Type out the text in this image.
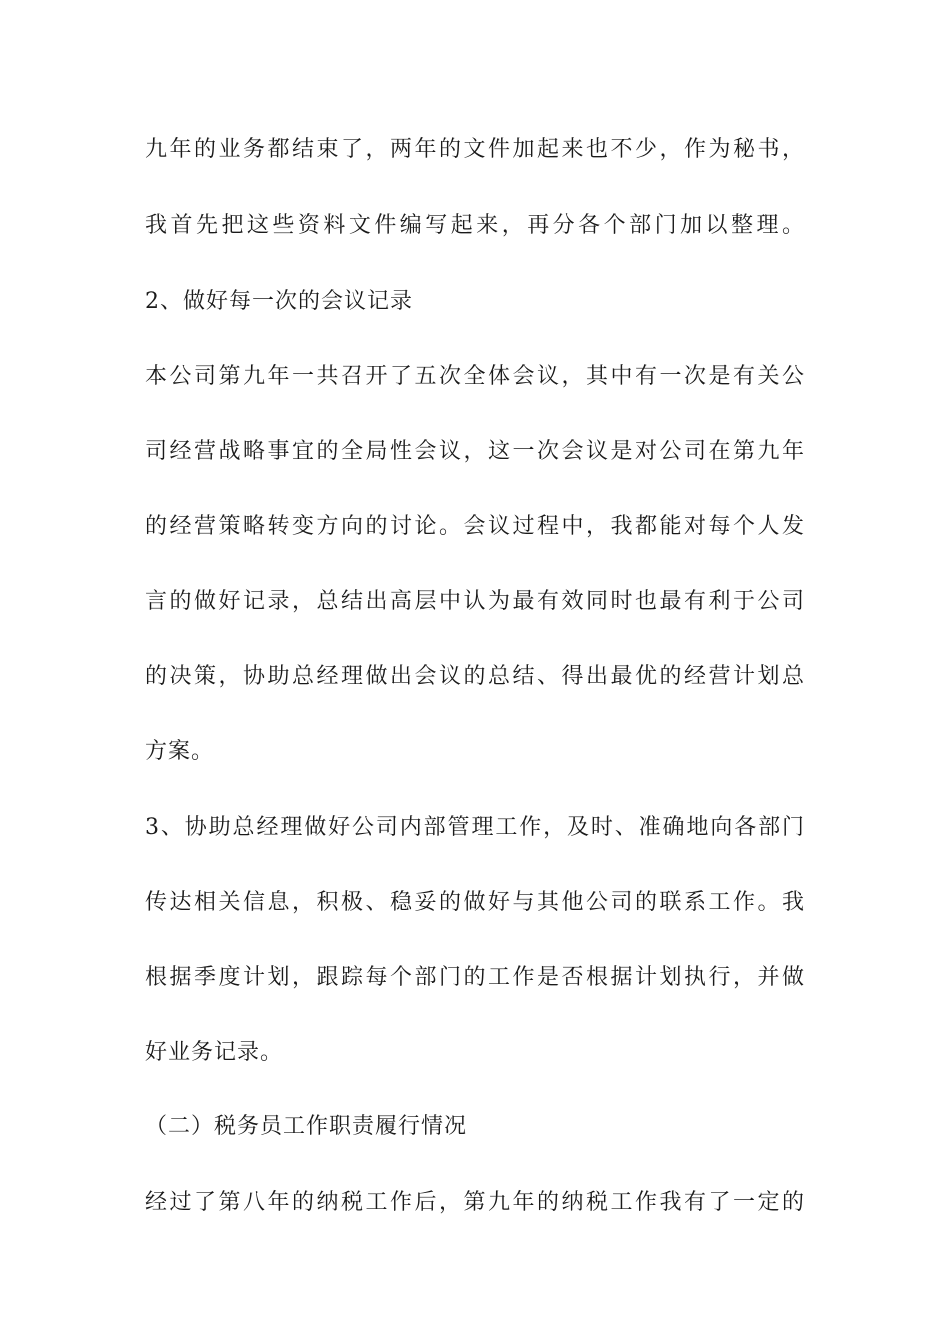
九年的业务都结束了，两年的文件加起来也不少，作为秘书，
我首先把这些资料文件编写起来，再分各个部门加以整理。
2、做好每一次的会议记录
本公司第九年一共召开了五次全体会议，其中有一次是有关公
司经营战略事宜的全局性会议，这一次会议是对公司在第九年
的经营策略转变方向的讨论。会议过程中，我都能对每个人发
言的做好记录，总结出高层中认为最有效同时也最有利于公司
的决策，协助总经理做出会议的总结、得出最优的经营计划总
方案。
3、协助总经理做好公司内部管理工作，及时、准确地向各部门
传达相关信息，积极、稳妥的做好与其他公司的联系工作。我
根据季度计划，跟踪每个部门的工作是否根据计划执行，并做
好业务记录。
（二）税务员工作职责履行情况
经过了第八年的纳税工作后，第九年的纳税工作我有了一定的
